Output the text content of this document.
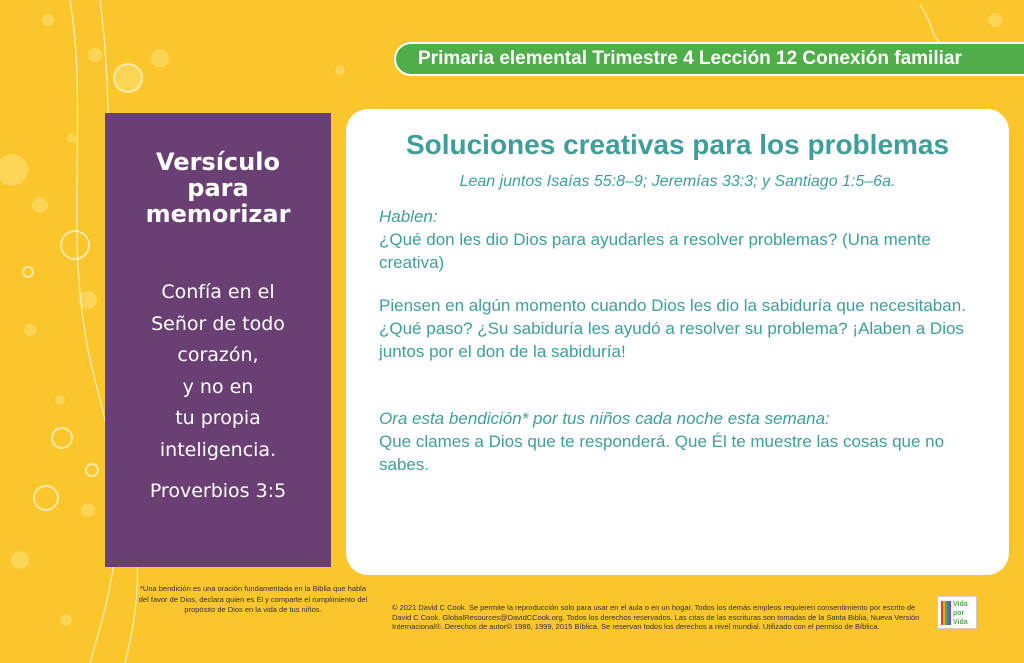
Primaria elemental Trimestre 4 Lección 12 Conexión familiar
Versículo
para
memorizar
Confía en el
Señor de todo
corazón,
y no en
tu propia
inteligencia.
Proverbios 3:5
Soluciones creativas para los problemas
Lean juntos Isaías 55:8–9; Jeremías 33:3; y Santiago 1:5–6a.

Hablen:

¿Qué don les dio Dios para ayudarles a resolver problemas? (Una mente creativa)

Piensen en algún momento cuando Dios les dio la sabiduría que necesitaban. ¿Qué paso? ¿Su sabiduría les ayudó a resolver su problema? ¡Alaben a Dios juntos por el don de la sabiduría!

Ora esta bendición* por tus niños cada noche esta semana:

Que clames a Dios que te responderá. Que Él te muestre las cosas que no sabes.

*Una bendición es una oración fundamentada en la Biblia que habla del favor de Dios, declara quien es Él y comparte el rumplimiento del propósito de Dios en la vida de tus niños.	© 2021 David C Cook. Se permite la reproducción solo para usar en el aula o en un hogar. Todos los demás empleos requieren consentimiento por escrito de David C Cook. GlobalResources@DavidCCook.org. Todos los derechos reservados. Las citas de las escrituras son tomadas de la Santa Biblia, Nueva Versión Internacional®. Derechos de autor© 1986, 1999, 2015 Bíblica. Se reservan todos los derechos a nivel mundial. Utilizado con el permiso de Bíblica.
Vida
por
Vida
